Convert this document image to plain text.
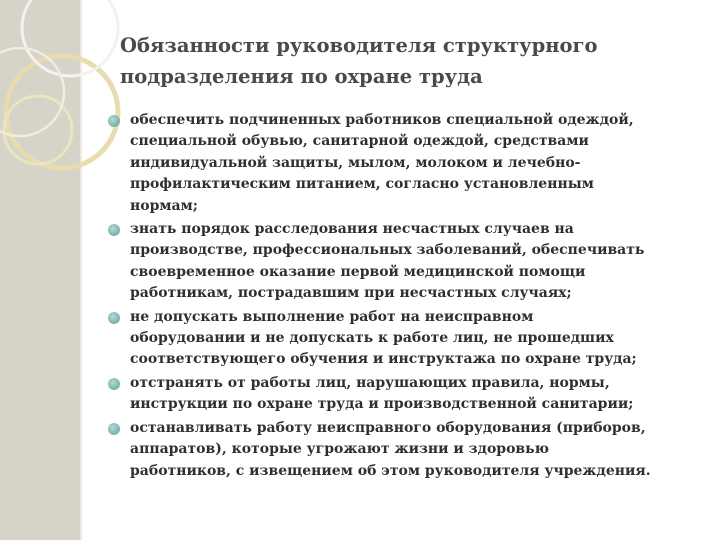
Обязанности руководителя структурного
подразделения по охране труда
обеспечить подчиненных работников специальной одеждой,
специальной обувью, санитарной одеждой, средствами
индивидуальной защиты, мылом, молоком и лечебно-
профилактическим питанием, согласно установленным
нормам;
знать порядок расследования несчастных случаев на
производстве, профессиональных заболеваний, обеспечивать
своевременное оказание первой медицинской помощи
работникам, пострадавшим при несчастных случаях;
не допускать выполнение работ на неисправном
оборудовании и не допускать к работе лиц, не прошедших
соответствующего обучения и инструктажа по охране труда;
отстранять от работы лиц, нарушающих правила, нормы,
инструкции по охране труда и производственной санитарии;
останавливать работу неисправного оборудования (приборов,
аппаратов), которые угрожают жизни и здоровью
работников, с извещением об этом руководителя учреждения.
